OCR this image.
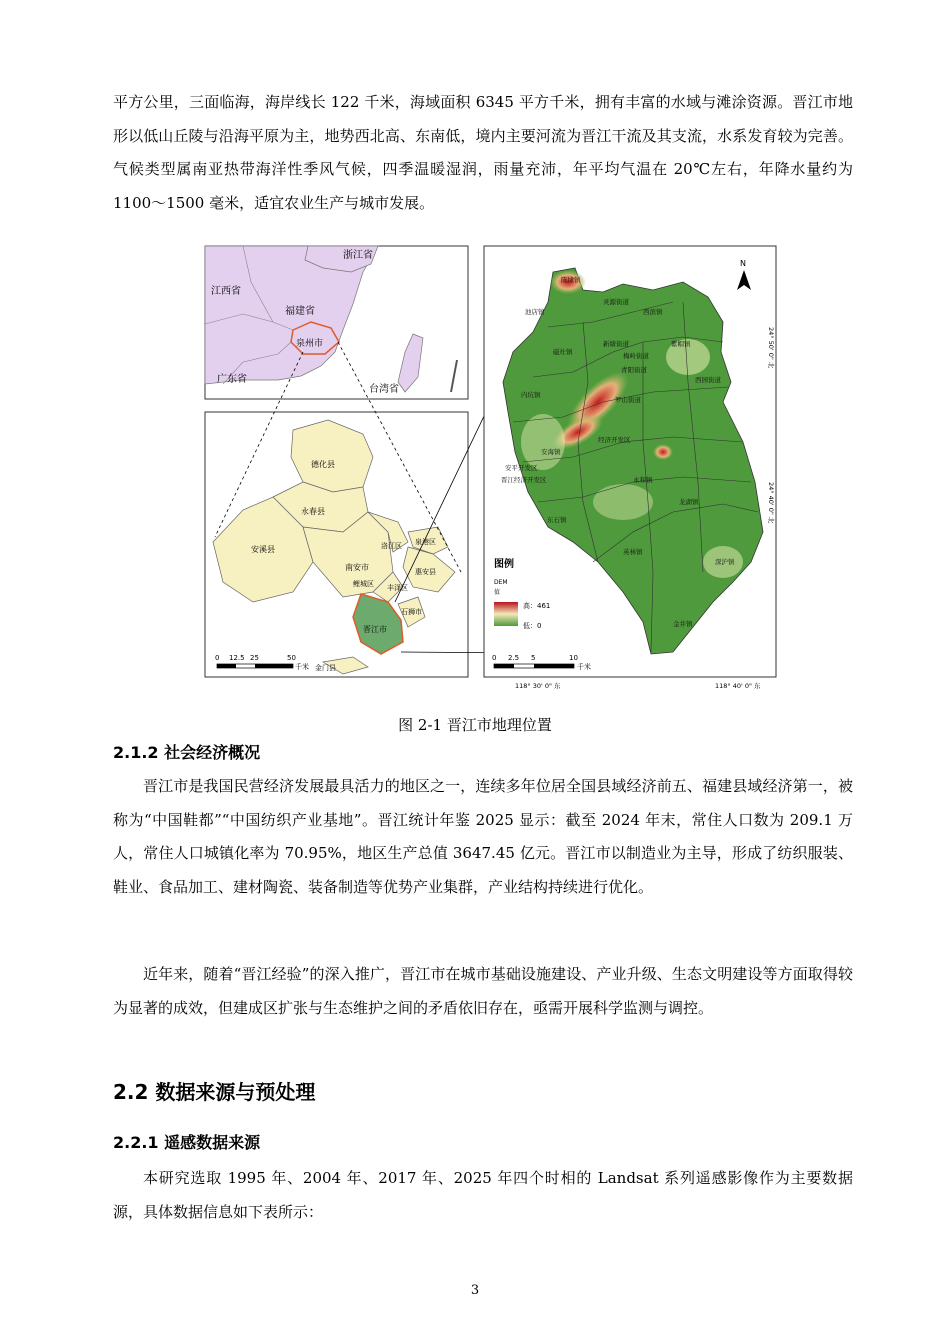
平方公里，三面临海，海岸线长 122 千米，海域面积 6345 平方千米，拥有丰富的水域与滩涂资源。晋江市地形以低山丘陵与沿海平原为主，地势西北高、东南低，境内主要河流为晋江干流及其支流，水系发育较为完善。气候类型属南亚热带海洋性季风气候，四季温暖湿润，雨量充沛，年平均气温在 20℃左右，年降水量约为 1100～1500 毫米，适宜农业生产与城市发展。

浙江省
江西省
福建省
泉州市
广东省
台湾省
德化县
永春县
安溪县
南安市
洛江区 泉港区
惠安县
鲤城区 丰泽区
石狮市
晋江市
金门县
0 12.5 25	50
千米
陈埭镇
池店镇
灵源街道
西滨镇
磁灶镇
新塘街道	紫帽镇
内坑镇
梅岭街道
青阳街道
罗山街道
西园街道
安海镇
东石镇
英林镇
永和镇
龙湖镇
深沪镇
金井镇
安平开发区
晋江经济开发区
经济开发区
N
图例
DEM
值
高：461
低：0
0 2.5 5	10
千米
24° 50' 0" 北
24° 40' 0" 北
118° 30' 0" 东	118° 40' 0" 东

图 2-1 晋江市地理位置

2.1.2 社会经济概况

晋江市是我国民营经济发展最具活力的地区之一，连续多年位居全国县域经济前五、福建县域经济第一，被称为“中国鞋都”“中国纺织产业基地”。晋江统计年鉴 2025 显示：截至 2024 年末，常住人口数为 209.1 万人，常住人口城镇化率为 70.95%，地区生产总值 3647.45 亿元。晋江市以制造业为主导，形成了纺织服装、鞋业、食品加工、建材陶瓷、装备制造等优势产业集群，产业结构持续进行优化。

近年来，随着“晋江经验”的深入推广，晋江市在城市基础设施建设、产业升级、生态文明建设等方面取得较为显著的成效，但建成区扩张与生态维护之间的矛盾依旧存在，亟需开展科学监测与调控。

2.2 数据来源与预处理
2.2.1 遥感数据来源

本研究选取 1995 年、2004 年、2017 年、2025 年四个时相的 Landsat 系列遥感影像作为主要数据源，具体数据信息如下表所示：

3
